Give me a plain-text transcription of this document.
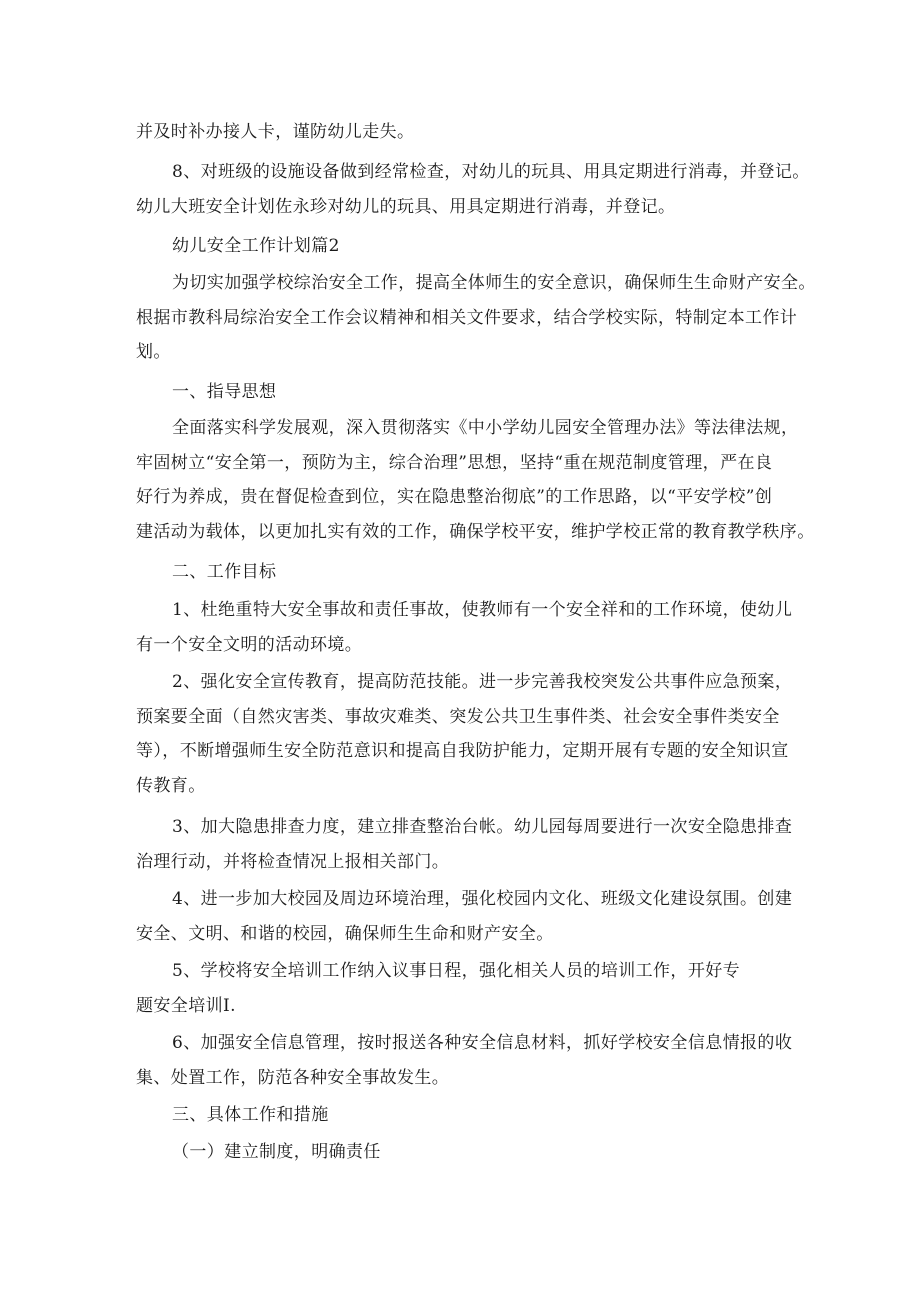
并及时补办接人卡，谨防幼儿走失。
8、对班级的设施设备做到经常检查，对幼儿的玩具、用具定期进行消毒，并登记。
幼儿大班安全计划佐永珍对幼儿的玩具、用具定期进行消毒，并登记。
幼儿安全工作计划篇2
为切实加强学校综治安全工作，提高全体师生的安全意识，确保师生生命财产安全。
根据市教科局综治安全工作会议精神和相关文件要求，结合学校实际，特制定本工作计
划。
一、指导思想
全面落实科学发展观，深入贯彻落实《中小学幼儿园安全管理办法》等法律法规，
牢固树立“安全第一，预防为主，综合治理”思想，坚持“重在规范制度管理，严在良
好行为养成，贵在督促检查到位，实在隐患整治彻底”的工作思路，以“平安学校”创
建活动为载体，以更加扎实有效的工作，确保学校平安，维护学校正常的教育教学秩序。
二、工作目标
1、杜绝重特大安全事故和责任事故，使教师有一个安全祥和的工作环境，使幼儿
有一个安全文明的活动环境。
2、强化安全宣传教育，提高防范技能。进一步完善我校突发公共事件应急预案，
预案要全面（自然灾害类、事故灾难类、突发公共卫生事件类、社会安全事件类安全
等），不断增强师生安全防范意识和提高自我防护能力，定期开展有专题的安全知识宣
传教育。
3、加大隐患排查力度，建立排查整治台帐。幼儿园每周要进行一次安全隐患排查
治理行动，并将检查情况上报相关部门。
4、进一步加大校园及周边环境治理，强化校园内文化、班级文化建设氛围。创建
安全、文明、和谐的校园，确保师生生命和财产安全。
5、学校将安全培训工作纳入议事日程，强化相关人员的培训工作，开好专
题安全培训I.
6、加强安全信息管理，按时报送各种安全信息材料，抓好学校安全信息情报的收
集、处置工作，防范各种安全事故发生。
三、具体工作和措施
（一）建立制度，明确责任
